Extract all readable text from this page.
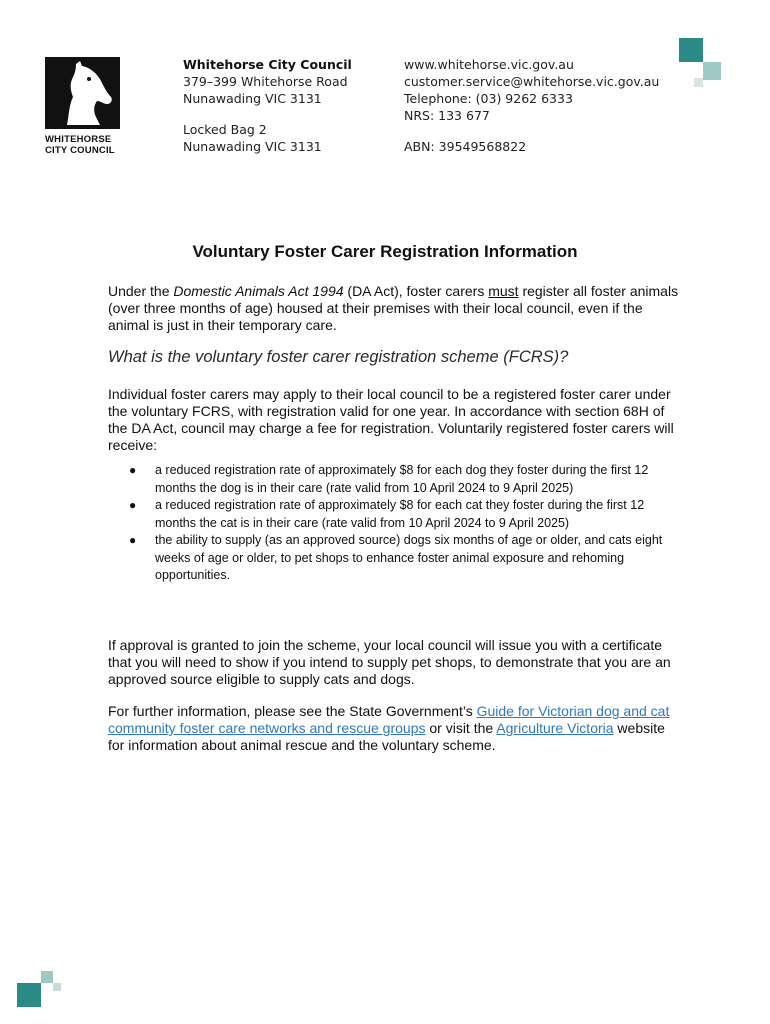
WHITEHORSE
CITY COUNCIL
Whitehorse City Council
379–399 Whitehorse Road
Nunawading VIC 3131
Locked Bag 2
Nunawading VIC 3131
www.whitehorse.vic.gov.au
customer.service@whitehorse.vic.gov.au
Telephone: (03) 9262 6333
NRS: 133 677
ABN: 39549568822
Voluntary Foster Carer Registration Information
Under the Domestic Animals Act 1994 (DA Act), foster carers must register all foster animals (over three months of age) housed at their premises with their local council, even if the animal is just in their temporary care.
What is the voluntary foster carer registration scheme (FCRS)?
Individual foster carers may apply to their local council to be a registered foster carer under the voluntary FCRS, with registration valid for one year. In accordance with section 68H of the DA Act, council may charge a fee for registration. Voluntarily registered foster carers will receive:
● a reduced registration rate of approximately $8 for each dog they foster during the first 12 months the dog is in their care (rate valid from 10 April 2024 to 9 April 2025)
● a reduced registration rate of approximately $8 for each cat they foster during the first 12 months the cat is in their care (rate valid from 10 April 2024 to 9 April 2025)
● the ability to supply (as an approved source) dogs six months of age or older, and cats eight weeks of age or older, to pet shops to enhance foster animal exposure and rehoming opportunities.
If approval is granted to join the scheme, your local council will issue you with a certificate that you will need to show if you intend to supply pet shops, to demonstrate that you are an approved source eligible to supply cats and dogs.
For further information, please see the State Government’s Guide for Victorian dog and cat community foster care networks and rescue groups or visit the Agriculture Victoria website for information about animal rescue and the voluntary scheme.
